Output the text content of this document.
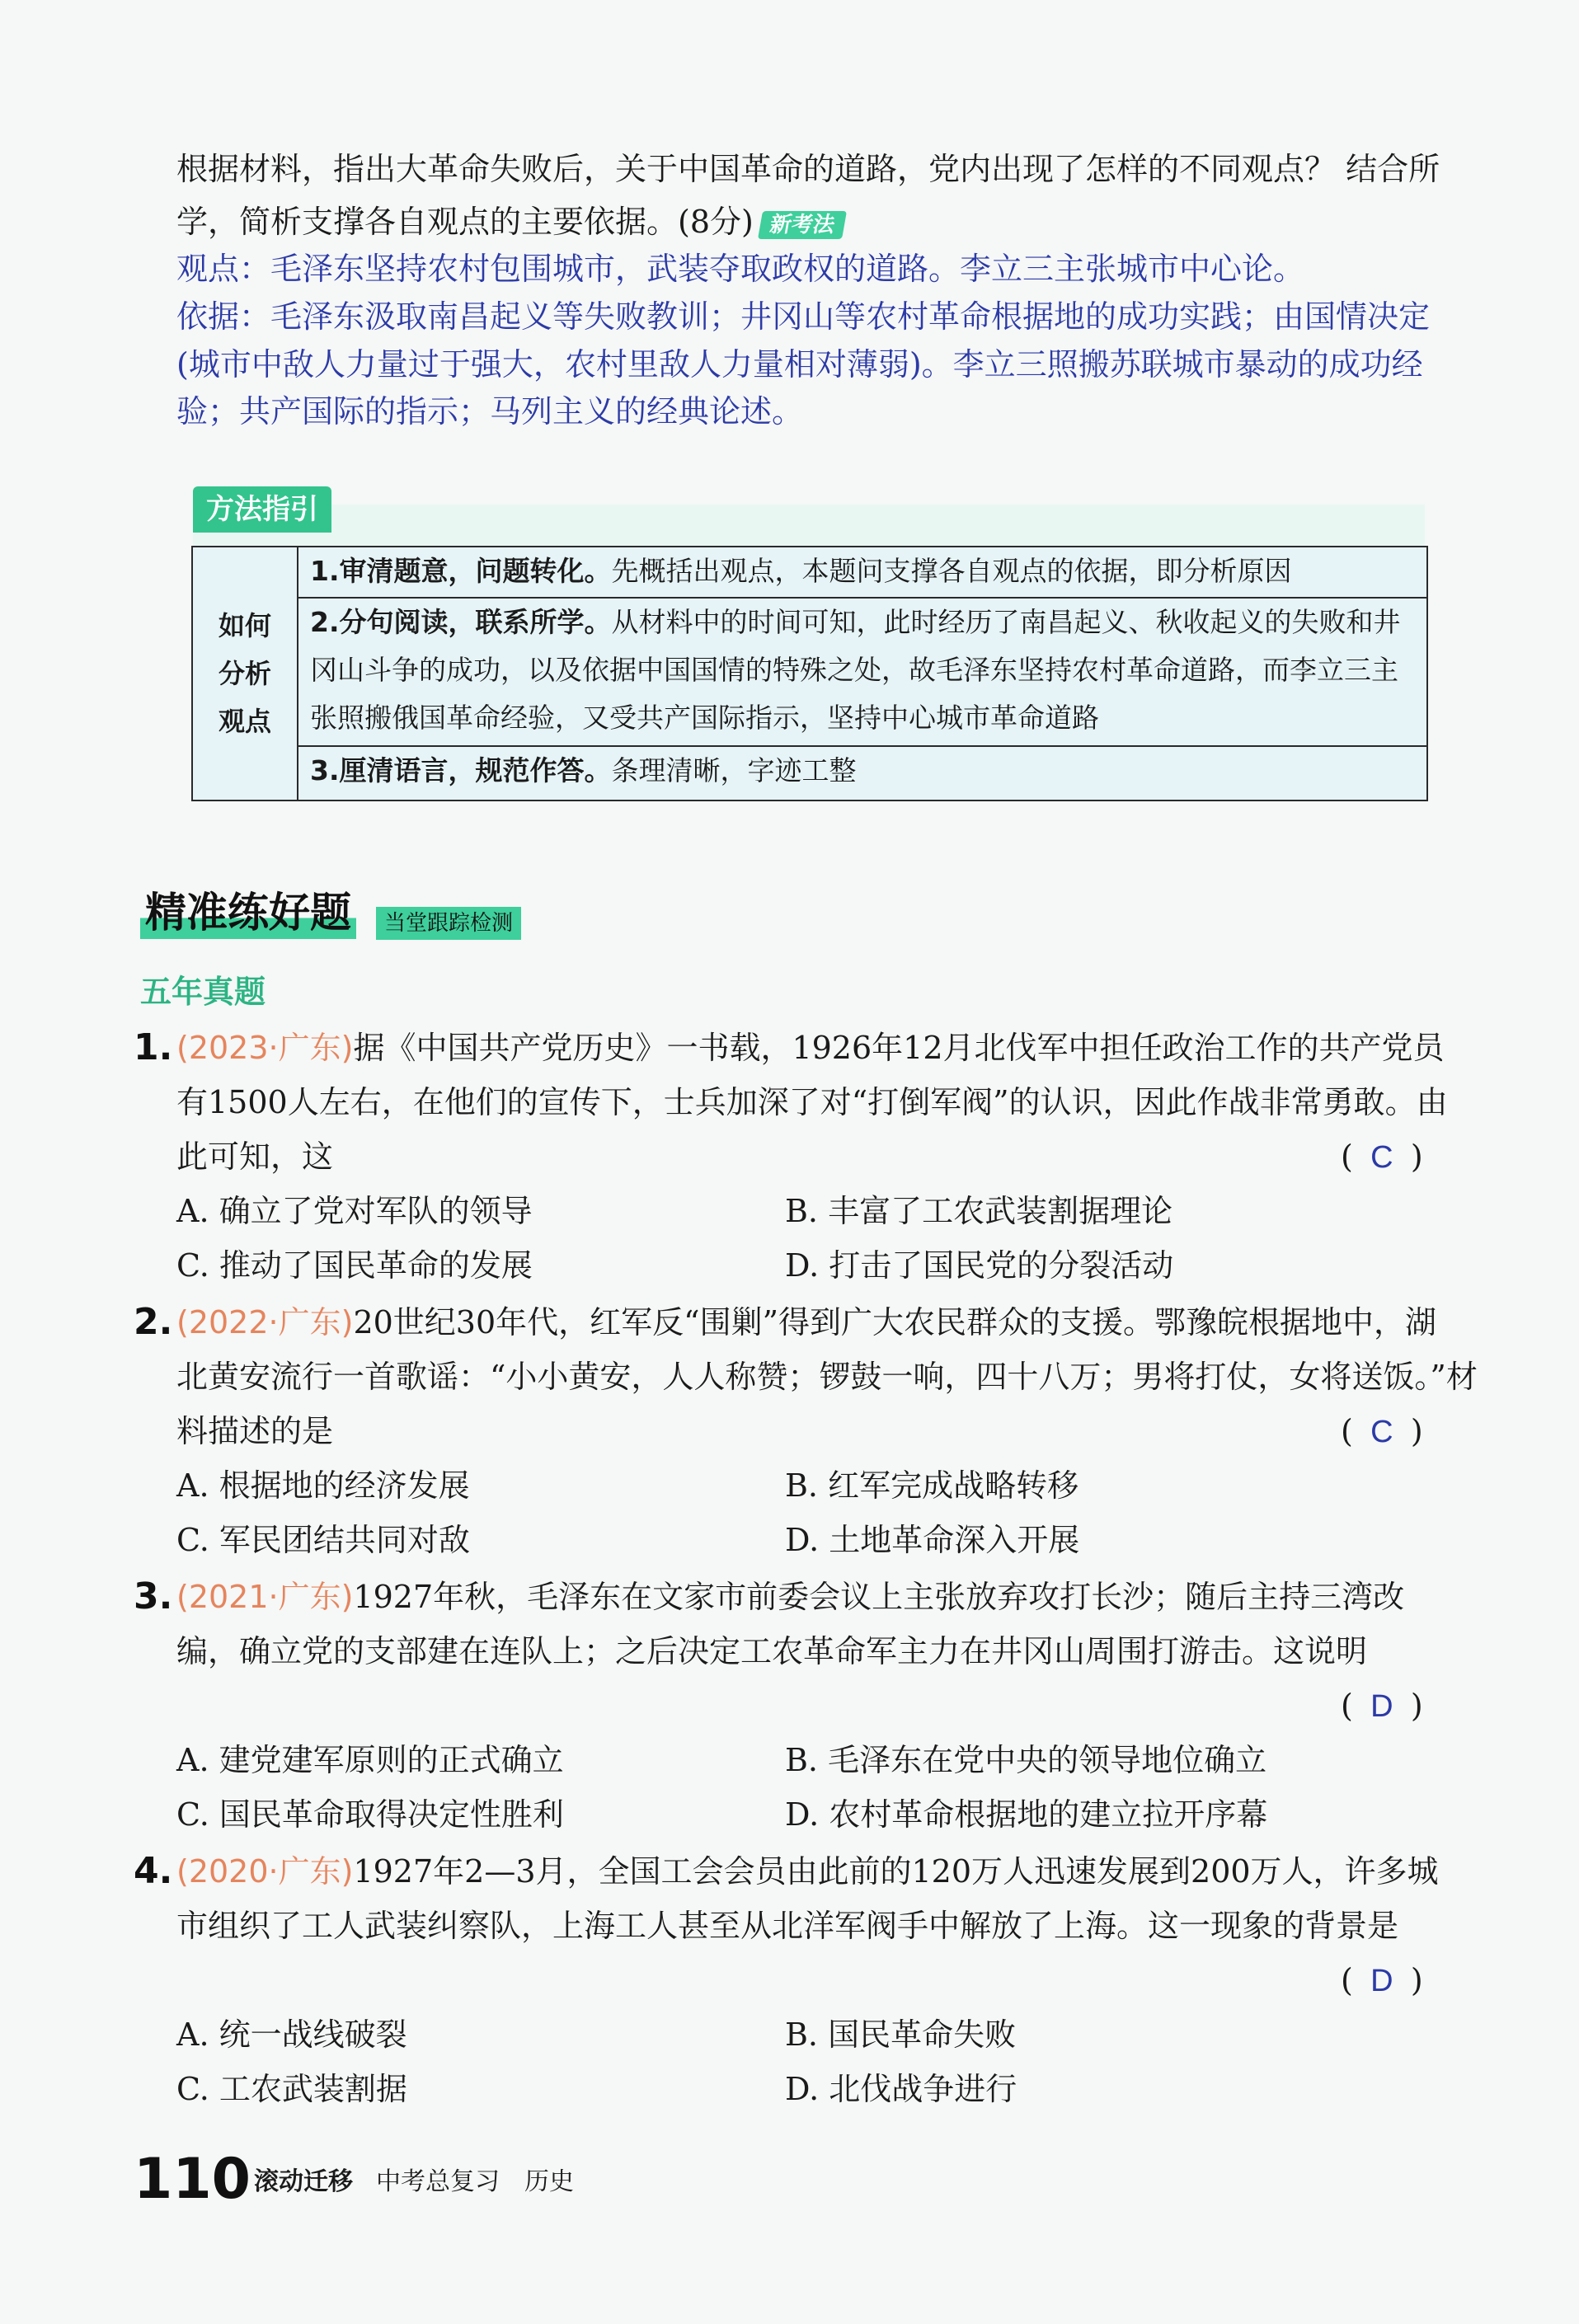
根据材料，指出大革命失败后，关于中国革命的道路，党内出现了怎样的不同观点？ 结合所
学，简析支撑各自观点的主要依据。(8分) 新考法
观点：毛泽东坚持农村包围城市，武装夺取政权的道路。李立三主张城市中心论。
依据：毛泽东汲取南昌起义等失败教训；井冈山等农村革命根据地的成功实践；由国情决定
(城市中敌人力量过于强大，农村里敌人力量相对薄弱)。李立三照搬苏联城市暴动的成功经
验；共产国际的指示；马列主义的经典论述。
方法指引
如何
分析
观点
1.审清题意，问题转化。先概括出观点，本题问支撑各自观点的依据，即分析原因
2.分句阅读，联系所学。从材料中的时间可知，此时经历了南昌起义、秋收起义的失败和井
冈山斗争的成功，以及依据中国国情的特殊之处，故毛泽东坚持农村革命道路，而李立三主
张照搬俄国革命经验，又受共产国际指示，坚持中心城市革命道路
3.厘清语言，规范作答。条理清晰，字迹工整
精准练好题	当堂跟踪检测
五年真题
1. (2023·广东)据《中国共产党历史》一书载，1926年12月北伐军中担任政治工作的共产党员
有1500人左右，在他们的宣传下，士兵加深了对“打倒军阀”的认识，因此作战非常勇敢。由
此可知，这	( C )
A. 确立了党对军队的领导	B. 丰富了工农武装割据理论
C. 推动了国民革命的发展	D. 打击了国民党的分裂活动
2. (2022·广东)20世纪30年代，红军反“围剿”得到广大农民群众的支援。鄂豫皖根据地中，湖
北黄安流行一首歌谣：“小小黄安，人人称赞；锣鼓一响，四十八万；男将打仗，女将送饭。”材
料描述的是	( C )
A. 根据地的经济发展	B. 红军完成战略转移
C. 军民团结共同对敌	D. 土地革命深入开展
3. (2021·广东)1927年秋，毛泽东在文家市前委会议上主张放弃攻打长沙；随后主持三湾改
编，确立党的支部建在连队上；之后决定工农革命军主力在井冈山周围打游击。这说明
( D )
A. 建党建军原则的正式确立	B. 毛泽东在党中央的领导地位确立
C. 国民革命取得决定性胜利	D. 农村革命根据地的建立拉开序幕
4. (2020·广东)1927年2—3月，全国工会会员由此前的120万人迅速发展到200万人，许多城
市组织了工人武装纠察队，上海工人甚至从北洋军阀手中解放了上海。这一现象的背景是
( D )
A. 统一战线破裂	B. 国民革命失败
C. 工农武装割据	D. 北伐战争进行
110 滚动迁移 中考总复习 历史
